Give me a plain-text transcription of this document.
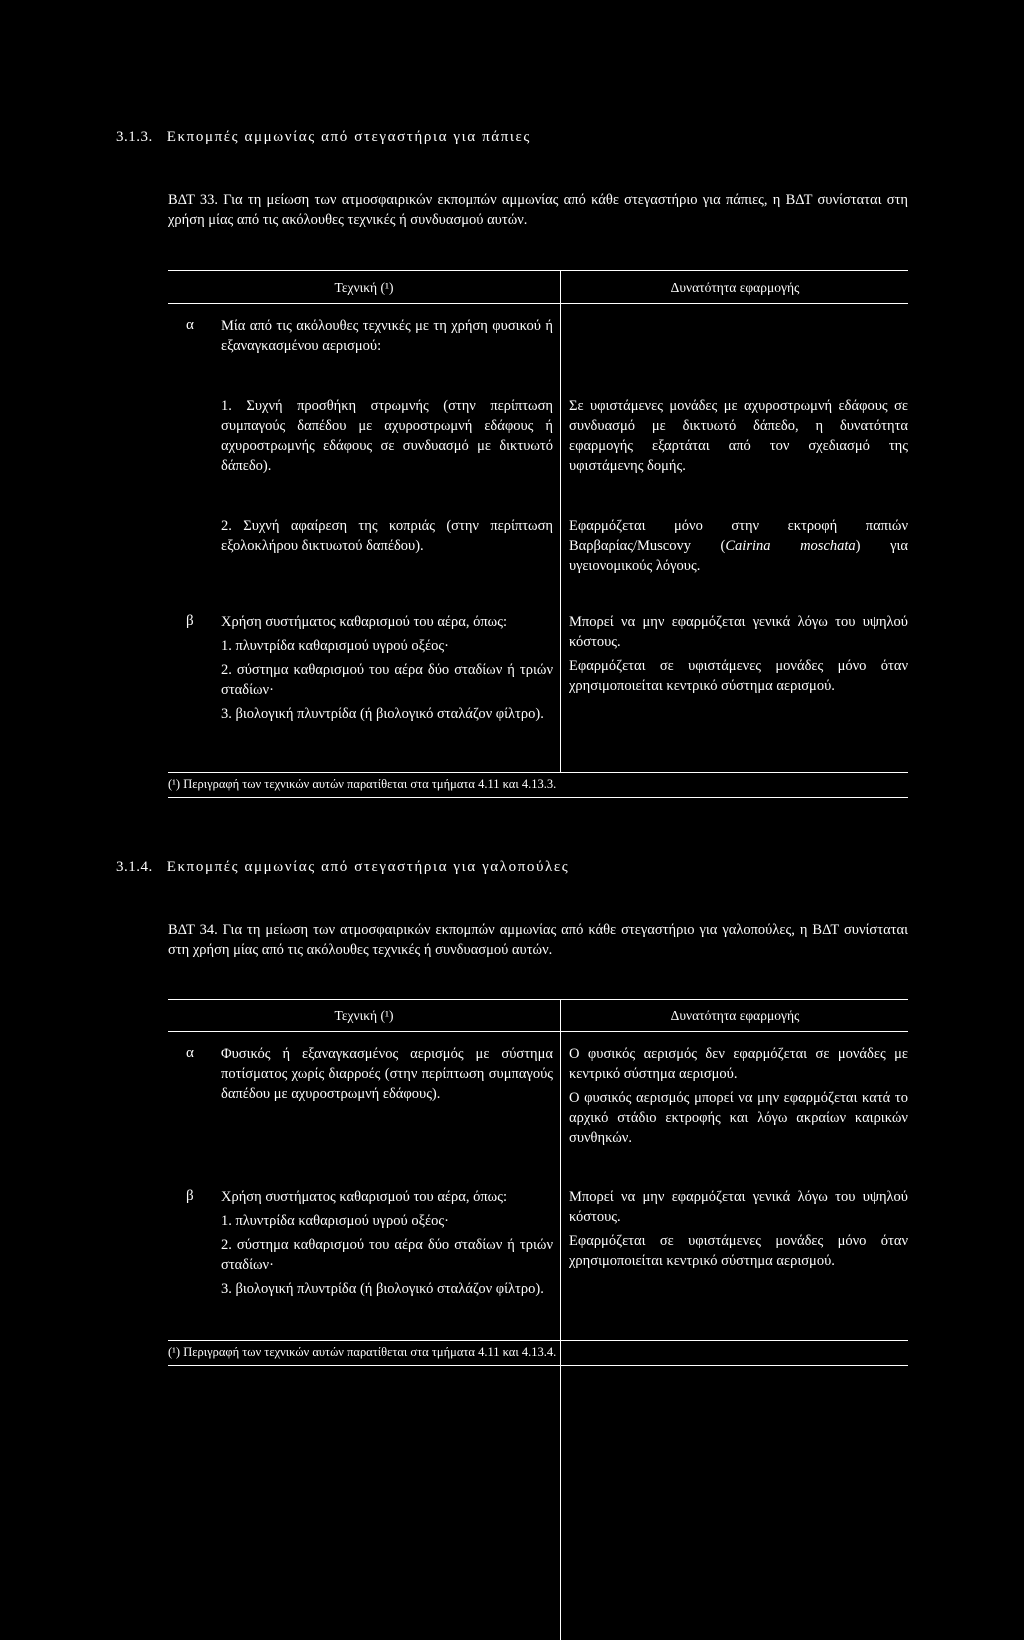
3.1.3. Εκπομπές αμμωνίας από στεγαστήρια για πάπιες

ΒΔΤ 33. Για τη μείωση των ατμοσφαιρικών εκπομπών αμμωνίας από κάθε στεγαστήριο για πάπιες, η ΒΔΤ συνίσταται στη χρήση μίας από τις ακόλουθες τεχνικές ή συνδυασμού αυτών.

Τεχνική (¹)	Δυνατότητα εφαρμογής
α Μία από τις ακόλουθες τεχνικές με τη χρήση φυσικού ή εξαναγκασμένου αερισμού:

1. Συχνή προσθήκη στρωμνής (στην περίπτωση συμπαγούς δαπέδου με αχυροστρωμνή εδάφους ή αχυροστρωμνής εδάφους σε συνδυασμό με δικτυωτό δάπεδο).

Σε υφιστάμενες μονάδες με αχυροστρωμνή εδάφους σε συνδυασμό με δικτυωτό δάπεδο, η δυνατότητα εφαρμογής εξαρτάται από τον σχεδιασμό της υφιστάμενης δομής.

2. Συχνή αφαίρεση της κοπριάς (στην περίπτωση εξολοκλήρου δικτυωτού δαπέδου).

Εφαρμόζεται μόνο στην εκτροφή παπιών Βαρβαρίας/Muscovy (Cairina moschata) για υγειονομικούς λόγους.

β Χρήση συστήματος καθαρισμού του αέρα, όπως:

1. πλυντρίδα καθαρισμού υγρού οξέος·

2. σύστημα καθαρισμού του αέρα δύο σταδίων ή τριών σταδίων·

3. βιολογική πλυντρίδα (ή βιολογικό σταλάζον φίλτρο).

Μπορεί να μην εφαρμόζεται γενικά λόγω του υψηλού κόστους.

Εφαρμόζεται σε υφιστάμενες μονάδες μόνο όταν χρησιμοποιείται κεντρικό σύστημα αερισμού.

(¹) Περιγραφή των τεχνικών αυτών παρατίθεται στα τμήματα 4.11 και 4.13.3.
3.1.4. Εκπομπές αμμωνίας από στεγαστήρια για γαλοπούλες

ΒΔΤ 34. Για τη μείωση των ατμοσφαιρικών εκπομπών αμμωνίας από κάθε στεγαστήριο για γαλοπούλες, η ΒΔΤ συνίσταται στη χρήση μίας από τις ακόλουθες τεχνικές ή συνδυασμού αυτών.

Τεχνική (¹)	Δυνατότητα εφαρμογής
α Φυσικός ή εξαναγκασμένος αερισμός με σύστημα ποτίσματος χωρίς διαρροές (στην περίπτωση συμπαγούς δαπέδου με αχυροστρωμνή εδάφους).

Ο φυσικός αερισμός δεν εφαρμόζεται σε μονάδες με κεντρικό σύστημα αερισμού.

Ο φυσικός αερισμός μπορεί να μην εφαρμόζεται κατά το αρχικό στάδιο εκτροφής και λόγω ακραίων καιρικών συνθηκών.

β Χρήση συστήματος καθαρισμού του αέρα, όπως:

1. πλυντρίδα καθαρισμού υγρού οξέος·

2. σύστημα καθαρισμού του αέρα δύο σταδίων ή τριών σταδίων·

3. βιολογική πλυντρίδα (ή βιολογικό σταλάζον φίλτρο).

Μπορεί να μην εφαρμόζεται γενικά λόγω του υψηλού κόστους.

Εφαρμόζεται σε υφιστάμενες μονάδες μόνο όταν χρησιμοποιείται κεντρικό σύστημα αερισμού.

(¹) Περιγραφή των τεχνικών αυτών παρατίθεται στα τμήματα 4.11 και 4.13.4.
